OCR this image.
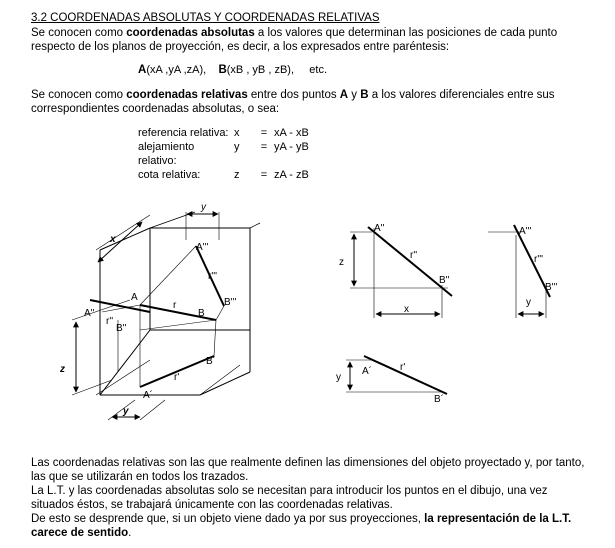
3.2 COORDENADAS ABSOLUTAS Y COORDENADAS RELATIVAS
Se conocen como coordenadas absolutas a los valores que determinan las posiciones de cada punto respecto de los planos de proyección, es decir, a los expresados entre paréntesis:
A(xA ,yA ,zA), B(xB , yB , zB), etc.
Se conocen como coordenadas relativas entre dos puntos A y B a los valores diferenciales entre sus correspondientes coordenadas absolutas, o sea:
referencia relativa: x	= xA - xB
alejamiento relativo:
y	= yA - yB
cota relativa:	z	= zA - zB
x
y
z
y
A'''
r'''
B'''
A
r
B
A''
r''
B''
r'
B´
A´
A''
r''
B''
z
x
A'''
r'''
B'''
y
y
A´	r'
B´
Las coordenadas relativas son las que realmente definen las dimensiones del objeto proyectado y, por tanto, las que se utilizarán en todos los trazados.
La L.T. y las coordenadas absolutas solo se necesitan para introducir los puntos en el dibujo, una vez situados éstos, se trabajará únicamente con las coordenadas relativas.
De esto se desprende que, si un objeto viene dado ya por sus proyecciones, la representación de la L.T. carece de sentido.
